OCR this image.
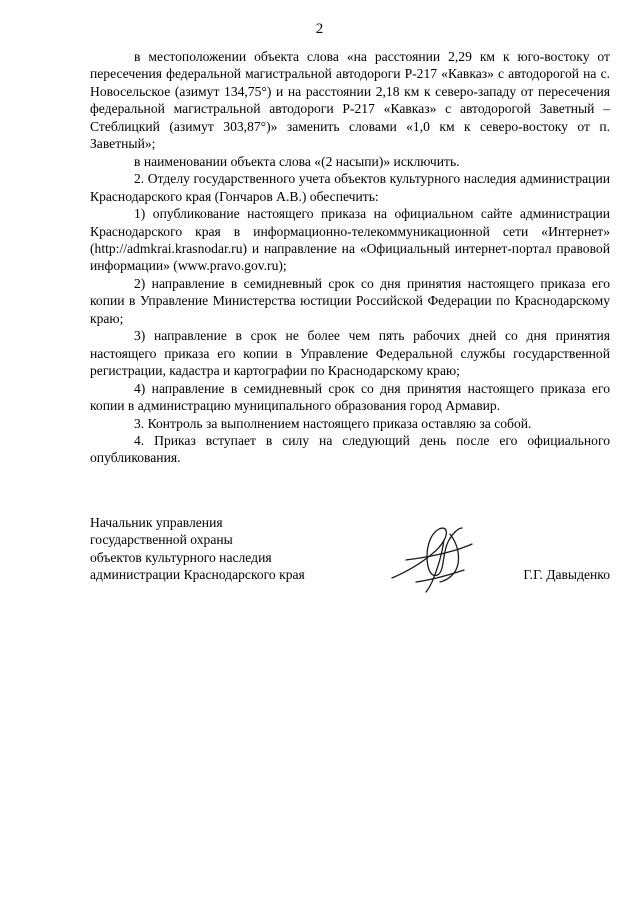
2

в местоположении объекта слова «на расстоянии 2,29 км к юго-востоку от пересечения федеральной магистральной автодороги Р-217 «Кавказ» с автодорогой на с. Новосельское (азимут 134,75°) и на расстоянии 2,18 км к северо-западу от пересечения федеральной магистральной автодороги Р-217 «Кавказ» с автодорогой Заветный – Стеблицкий (азимут 303,87°)» заменить словами «1,0 км к северо-востоку от п. Заветный»;

в наименовании объекта слова «(2 насыпи)» исключить.

2. Отделу государственного учета объектов культурного наследия администрации Краснодарского края (Гончаров А.В.) обеспечить:

1) опубликование настоящего приказа на официальном сайте администрации Краснодарского края в информационно-телекоммуникационной сети «Интернет» (http://admkrai.krasnodar.ru) и направление на «Официальный интернет-портал правовой информации» (www.pravo.gov.ru);

2) направление в семидневный срок со дня принятия настоящего приказа его копии в Управление Министерства юстиции Российской Федерации по Краснодарскому краю;

3) направление в срок не более чем пять рабочих дней со дня принятия настоящего приказа его копии в Управление Федеральной службы государственной регистрации, кадастра и картографии по Краснодарскому краю;

4) направление в семидневный срок со дня принятия настоящего приказа его копии в администрацию муниципального образования город Армавир.

3. Контроль за выполнением настоящего приказа оставляю за собой.

4. Приказ вступает в силу на следующий день после его официального опубликования.

Начальник управления
государственной охраны
объектов культурного наследия
администрации Краснодарского края	Г.Г. Давыденко
